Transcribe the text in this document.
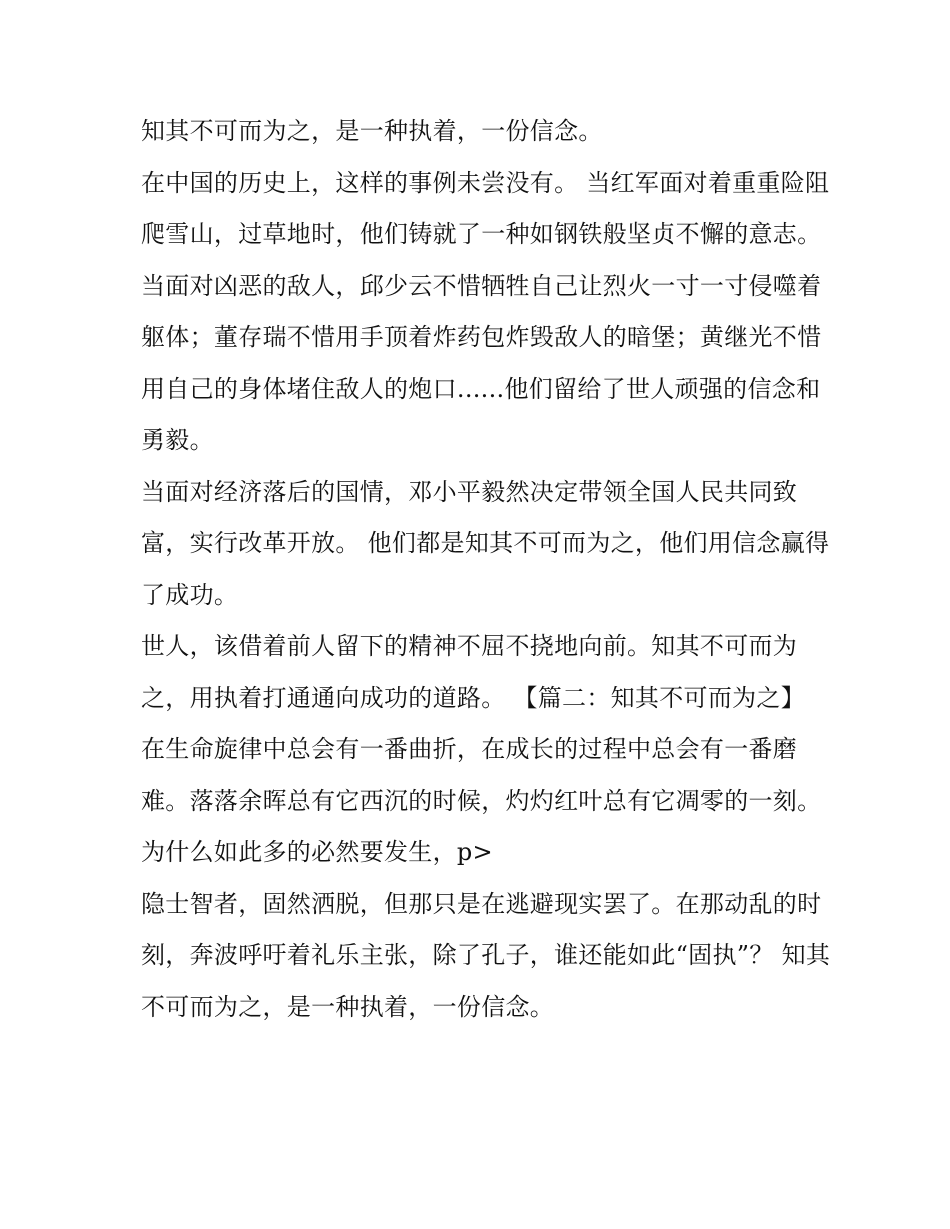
知其不可而为之，是一种执着，一份信念。

在中国的历史上，这样的事例未尝没有。 当红军面对着重重险阻爬雪山，过草地时，他们铸就了一种如钢铁般坚贞不懈的意志。

当面对凶恶的敌人，邱少云不惜牺牲自己让烈火一寸一寸侵噬着躯体；董存瑞不惜用手顶着炸药包炸毁敌人的暗堡；黄继光不惜用自己的身体堵住敌人的炮口......他们留给了世人顽强的信念和勇毅。

当面对经济落后的国情，邓小平毅然决定带领全国人民共同致富，实行改革开放。 他们都是知其不可而为之，他们用信念赢得了成功。

世人，该借着前人留下的精神不屈不挠地向前。知其不可而为之，用执着打通通向成功的道路。 【篇二：知其不可而为之】

在生命旋律中总会有一番曲折，在成长的过程中总会有一番磨难。落落余晖总有它西沉的时候，灼灼红叶总有它凋零的一刻。为什么如此多的必然要发生，p>

隐士智者，固然洒脱，但那只是在逃避现实罢了。在那动乱的时刻，奔波呼吁着礼乐主张，除了孔子，谁还能如此“固执”？ 知其不可而为之，是一种执着，一份信念。
